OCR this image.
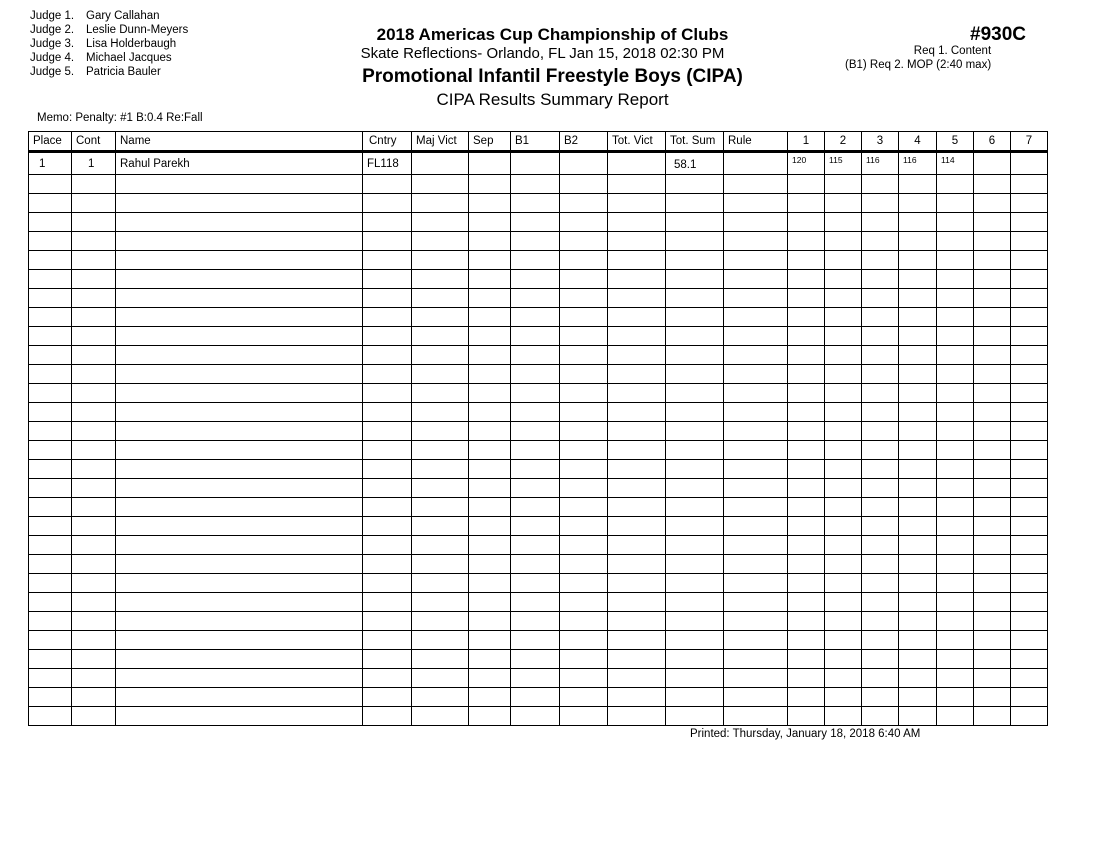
Judge 1. Gary Callahan
Judge 2. Leslie Dunn-Meyers
Judge 3. Lisa Holderbaugh
Judge 4. Michael Jacques
Judge 5. Patricia Bauler
2018 Americas Cup Championship of Clubs
Skate Reflections- Orlando, FL Jan 15, 2018 02:30 PM
Promotional Infantil Freestyle Boys (CIPA)
CIPA Results Summary Report
#930C
Req 1. Content
(B1) Req 2. MOP (2:40 max)
Memo: Penalty: #1 B:0.4 Re:Fall
Place	Cont	Name	Cntry	Maj Vict	Sep	B1	B2	Tot. Vict	Tot. Sum	Rule	1	2	3	4	5	6	7
1	1	Rahul Parekh	FL118						58.1		120	115	116	116	114		

Printed: Thursday, January 18, 2018 6:40 AM
